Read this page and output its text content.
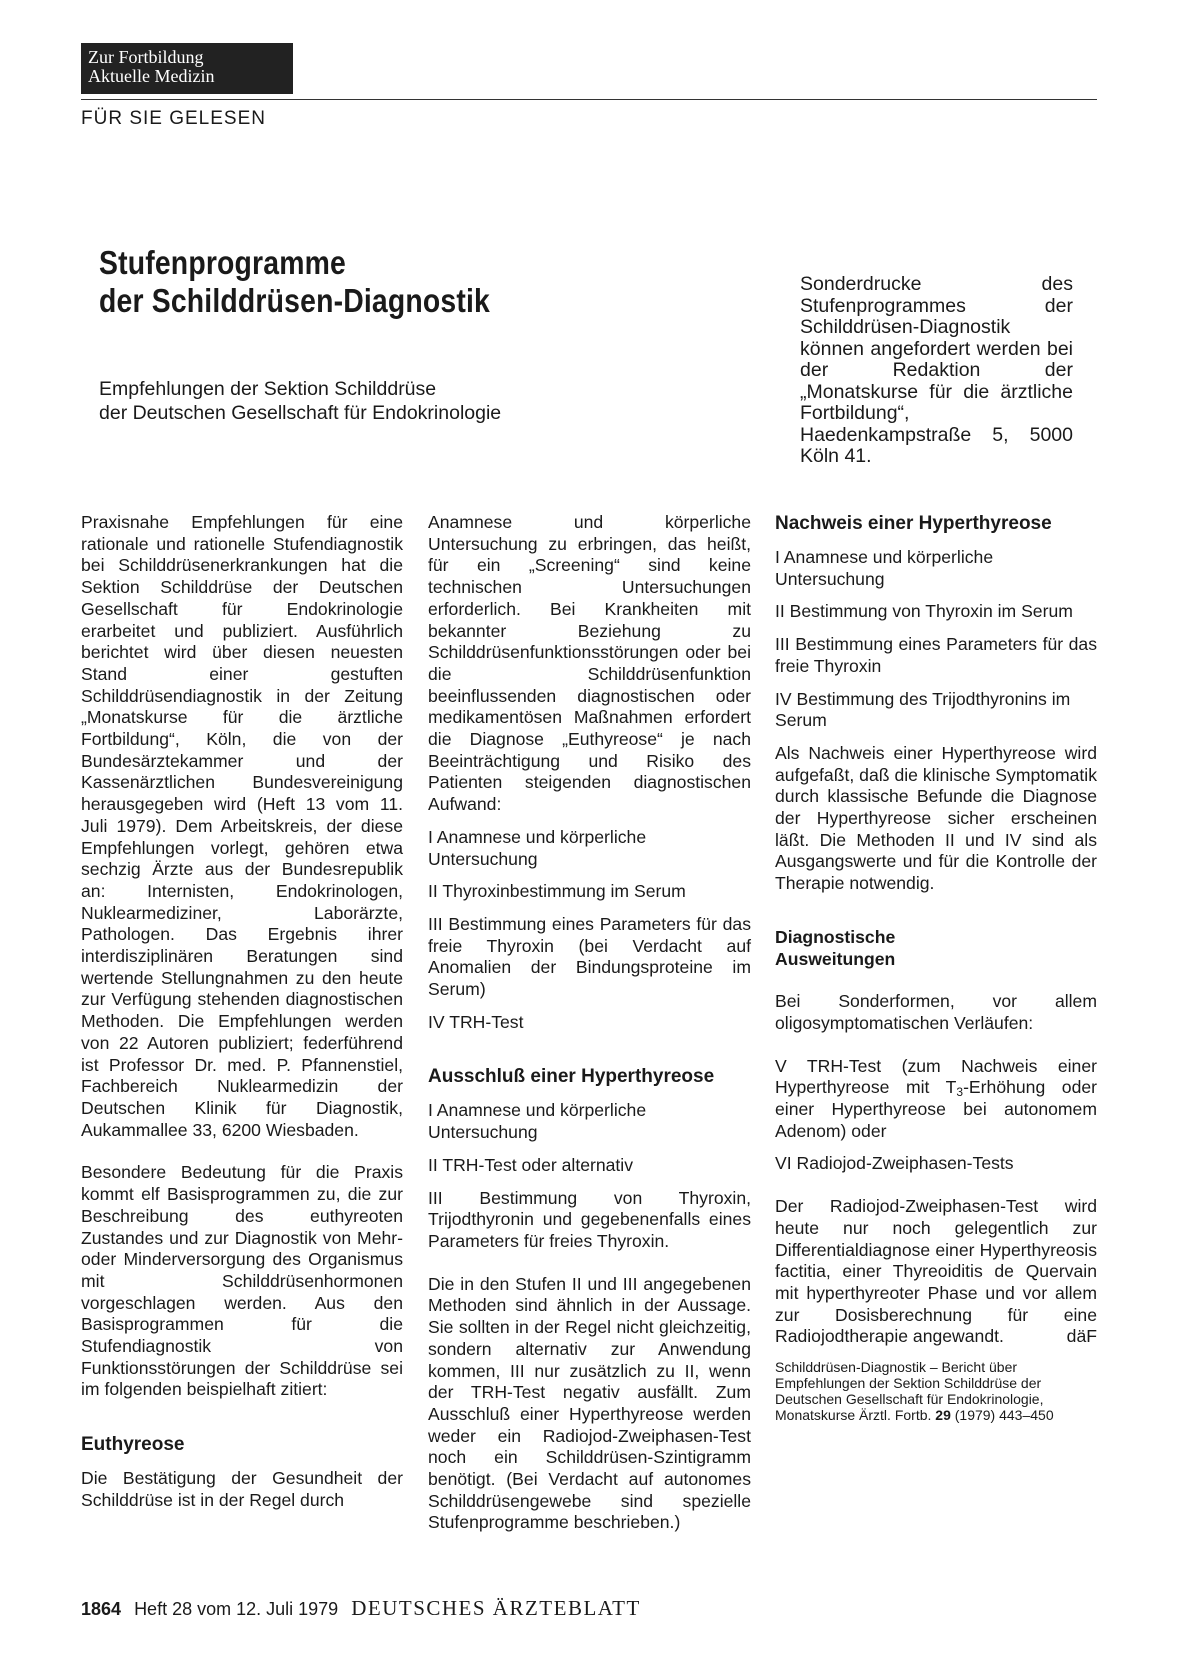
Zur Fortbildung
Aktuelle Medizin
FÜR SIE GELESEN
Stufenprogramme
der Schilddrüsen-Diagnostik
Empfehlungen der Sektion Schilddrüse
der Deutschen Gesellschaft für Endokrinologie
Sonderdrucke des Stufenprogrammes der Schilddrüsen-Diagnostik können angefordert werden bei der Redaktion der „Monatskurse für die ärztliche Fortbildung“, Haedenkampstraße 5, 5000 Köln 41.

Praxisnahe Empfehlungen für eine rationale und rationelle Stufendiagnostik bei Schilddrüsenerkrankungen hat die Sektion Schilddrüse der Deutschen Gesellschaft für Endokrinologie erarbeitet und publiziert. Ausführlich berichtet wird über diesen neuesten Stand einer gestuften Schilddrüsendiagnostik in der Zeitung „Monatskurse für die ärztliche Fortbildung“, Köln, die von der Bundesärztekammer und der Kassenärztlichen Bundesvereinigung herausgegeben wird (Heft 13 vom 11. Juli 1979). Dem Arbeitskreis, der diese Empfehlungen vorlegt, gehören etwa sechzig Ärzte aus der Bundesrepublik an: Internisten, Endokrinologen, Nuklearmediziner, Laborärzte, Pathologen. Das Ergebnis ihrer interdisziplinären Beratungen sind wertende Stellungnahmen zu den heute zur Verfügung stehenden diagnostischen Methoden. Die Empfehlungen werden von 22 Autoren publiziert; federführend ist Professor Dr. med. P. Pfannenstiel, Fachbereich Nuklearmedizin der Deutschen Klinik für Diagnostik, Aukammallee 33, 6200 Wiesbaden.

Besondere Bedeutung für die Praxis kommt elf Basisprogrammen zu, die zur Beschreibung des euthyreoten Zustandes und zur Diagnostik von Mehr- oder Minderversorgung des Organismus mit Schilddrüsenhormonen vorgeschlagen werden. Aus den Basisprogrammen für die Stufendiagnostik von Funktionsstörungen der Schilddrüse sei im folgenden beispielhaft zitiert:

Euthyreose

Die Bestätigung der Gesundheit der Schilddrüse ist in der Regel durch

Anamnese und körperliche Untersuchung zu erbringen, das heißt, für ein „Screening“ sind keine technischen Untersuchungen erforderlich. Bei Krankheiten mit bekannter Beziehung zu Schilddrüsenfunktionsstörungen oder bei die Schilddrüsenfunktion beeinflussenden diagnostischen oder medikamentösen Maßnahmen erfordert die Diagnose „Euthyreose“ je nach Beeinträchtigung und Risiko des Patienten steigenden diagnostischen Aufwand:

I Anamnese und körperliche Untersuchung

II Thyroxinbestimmung im Serum

III Bestimmung eines Parameters für das freie Thyroxin (bei Verdacht auf Anomalien der Bindungsproteine im Serum)

IV TRH-Test

Ausschluß einer Hyperthyreose

I Anamnese und körperliche Untersuchung

II TRH-Test oder alternativ

III Bestimmung von Thyroxin, Trijodthyronin und gegebenenfalls eines Parameters für freies Thyroxin.

Die in den Stufen II und III angegebenen Methoden sind ähnlich in der Aussage. Sie sollten in der Regel nicht gleichzeitig, sondern alternativ zur Anwendung kommen, III nur zusätzlich zu II, wenn der TRH-Test negativ ausfällt. Zum Ausschluß einer Hyperthyreose werden weder ein Radiojod-Zweiphasen-Test noch ein Schilddrüsen-Szintigramm benötigt. (Bei Verdacht auf autonomes Schilddrüsengewebe sind spezielle Stufenprogramme beschrieben.)

Nachweis einer Hyperthyreose

I Anamnese und körperliche Untersuchung

II Bestimmung von Thyroxin im Serum

III Bestimmung eines Parameters für das freie Thyroxin

IV Bestimmung des Trijodthyronins im Serum

Als Nachweis einer Hyperthyreose wird aufgefaßt, daß die klinische Symptomatik durch klassische Befunde die Diagnose der Hyperthyreose sicher erscheinen läßt. Die Methoden II und IV sind als Ausgangswerte und für die Kontrolle der Therapie notwendig.

Diagnostische
Ausweitungen

Bei Sonderformen, vor allem oligosymptomatischen Verläufen:

V TRH-Test (zum Nachweis einer Hyperthyreose mit $T_3$-Erhöhung oder einer Hyperthyreose bei autonomem Adenom) oder

VI Radiojod-Zweiphasen-Tests

Der Radiojod-Zweiphasen-Test wird heute nur noch gelegentlich zur Differentialdiagnose einer Hyperthyreosis factitia, einer Thyreoiditis de Quervain mit hyperthyreoter Phase und vor allem zur Dosisberechnung für eine Radiojodtherapie angewandt.	däF

Schilddrüsen-Diagnostik – Bericht über Empfehlungen der Sektion Schilddrüse der Deutschen Gesellschaft für Endokrinologie, Monatskurse Ärztl. Fortb. 29 (1979) 443–450

1864 Heft 28 vom 12. Juli 1979 DEUTSCHES ÄRZTEBLATT
